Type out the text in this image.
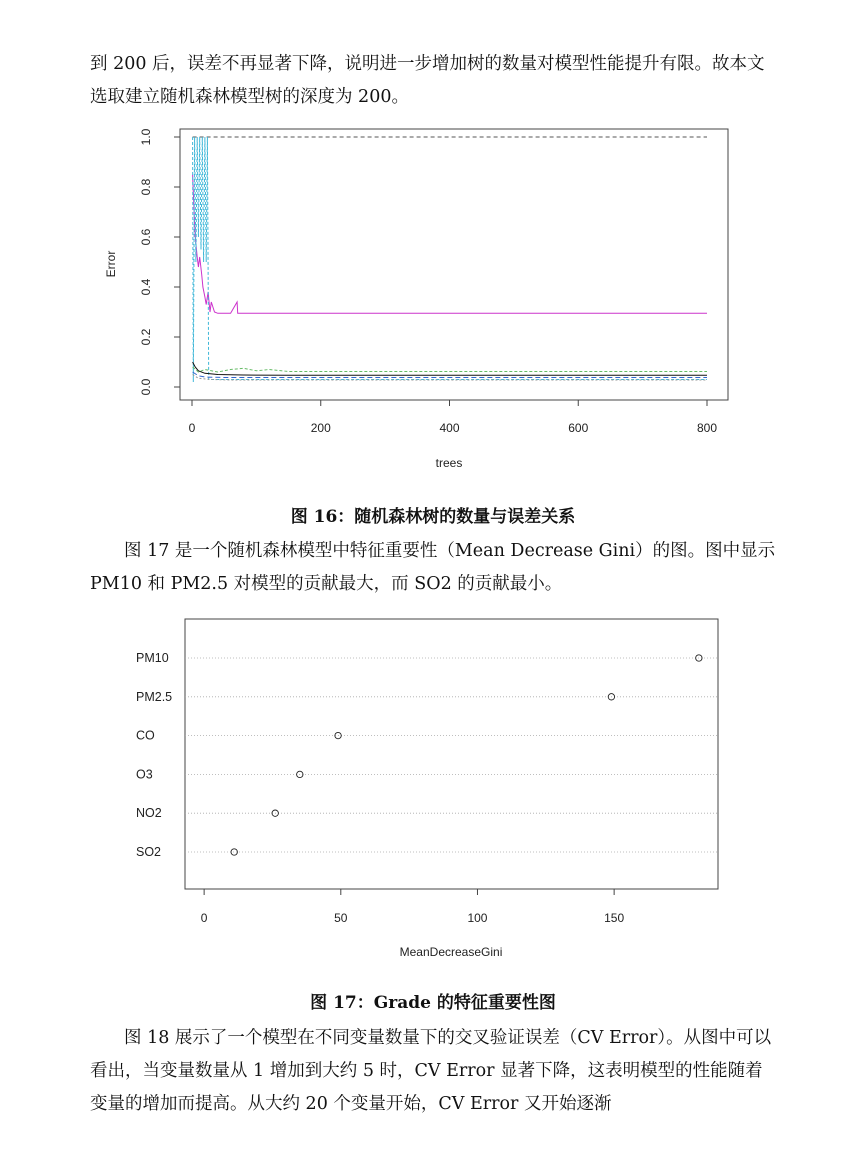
到 200 后，误差不再显著下降，说明进一步增加树的数量对模型性能提升有限。故本文选取建立随机森林模型树的深度为 200。

0	200	400	600	800
0.0
0.2
0.4
0.6
0.8
1.0
trees
Error
图 16：随机森林树的数量与误差关系

图 17 是一个随机森林模型中特征重要性（Mean Decrease Gini）的图。图中显示 PM10 和 PM2.5 对模型的贡献最大，而 SO2 的贡献最小。

PM10
PM2.5
CO
O3
NO2
SO2
0	50	100	150
MeanDecreaseGini
图 17：Grade 的特征重要性图

图 18 展示了一个模型在不同变量数量下的交叉验证误差（CV Error）。从图中可以看出，当变量数量从 1 增加到大约 5 时，CV Error 显著下降，这表明模型的性能随着变量的增加而提高。从大约 20 个变量开始，CV Error 又开始逐渐
